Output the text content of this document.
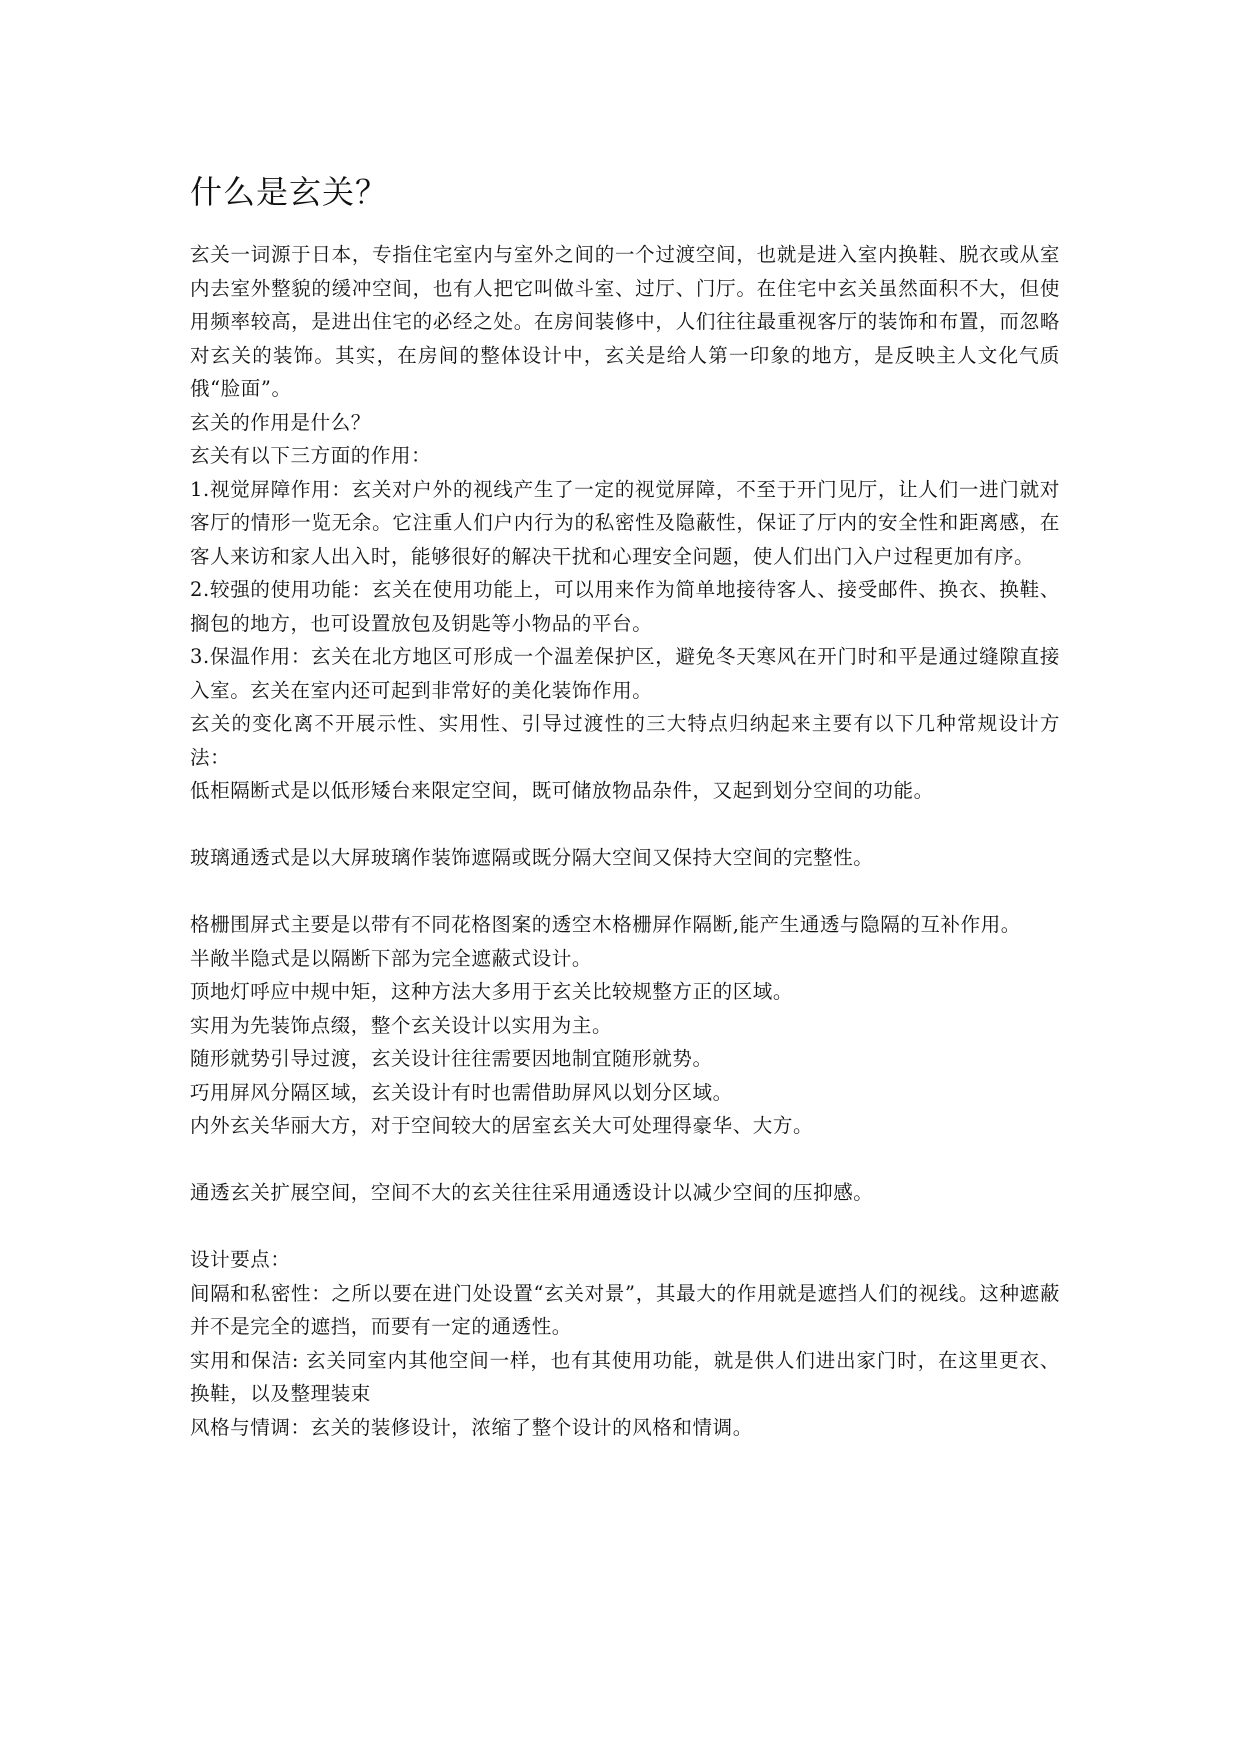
什么是玄关？

玄关一词源于日本，专指住宅室内与室外之间的一个过渡空间，也就是进入室内换鞋、脱衣或从室内去室外整貌的缓冲空间，也有人把它叫做斗室、过厅、门厅。在住宅中玄关虽然面积不大，但使用频率较高，是进出住宅的必经之处。在房间装修中，人们往往最重视客厅的装饰和布置，而忽略对玄关的装饰。其实，在房间的整体设计中，玄关是给人第一印象的地方，是反映主人文化气质俄“脸面”。

玄关的作用是什么？

玄关有以下三方面的作用：

1.视觉屏障作用：玄关对户外的视线产生了一定的视觉屏障，不至于开门见厅，让人们一进门就对客厅的情形一览无余。它注重人们户内行为的私密性及隐蔽性，保证了厅内的安全性和距离感，在客人来访和家人出入时，能够很好的解决干扰和心理安全问题，使人们出门入户过程更加有序。

2.较强的使用功能：玄关在使用功能上，可以用来作为简单地接待客人、接受邮件、换衣、换鞋、搁包的地方，也可设置放包及钥匙等小物品的平台。

3.保温作用：玄关在北方地区可形成一个温差保护区，避免冬天寒风在开门时和平是通过缝隙直接入室。玄关在室内还可起到非常好的美化装饰作用。

玄关的变化离不开展示性、实用性、引导过渡性的三大特点归纳起来主要有以下几种常规设计方法：

低柜隔断式是以低形矮台来限定空间，既可储放物品杂件，又起到划分空间的功能。

玻璃通透式是以大屏玻璃作装饰遮隔或既分隔大空间又保持大空间的完整性。

格栅围屏式主要是以带有不同花格图案的透空木格栅屏作隔断,能产生通透与隐隔的互补作用。

半敞半隐式是以隔断下部为完全遮蔽式设计。

顶地灯呼应中规中矩，这种方法大多用于玄关比较规整方正的区域。

实用为先装饰点缀，整个玄关设计以实用为主。

随形就势引导过渡，玄关设计往往需要因地制宜随形就势。

巧用屏风分隔区域，玄关设计有时也需借助屏风以划分区域。

内外玄关华丽大方，对于空间较大的居室玄关大可处理得豪华、大方。

通透玄关扩展空间，空间不大的玄关往往采用通透设计以减少空间的压抑感。

设计要点：

间隔和私密性：之所以要在进门处设置“玄关对景”，其最大的作用就是遮挡人们的视线。这种遮蔽并不是完全的遮挡，而要有一定的通透性。

实用和保洁: 玄关同室内其他空间一样，也有其使用功能，就是供人们进出家门时，在这里更衣、换鞋，以及整理装束

风格与情调：玄关的装修设计，浓缩了整个设计的风格和情调。
